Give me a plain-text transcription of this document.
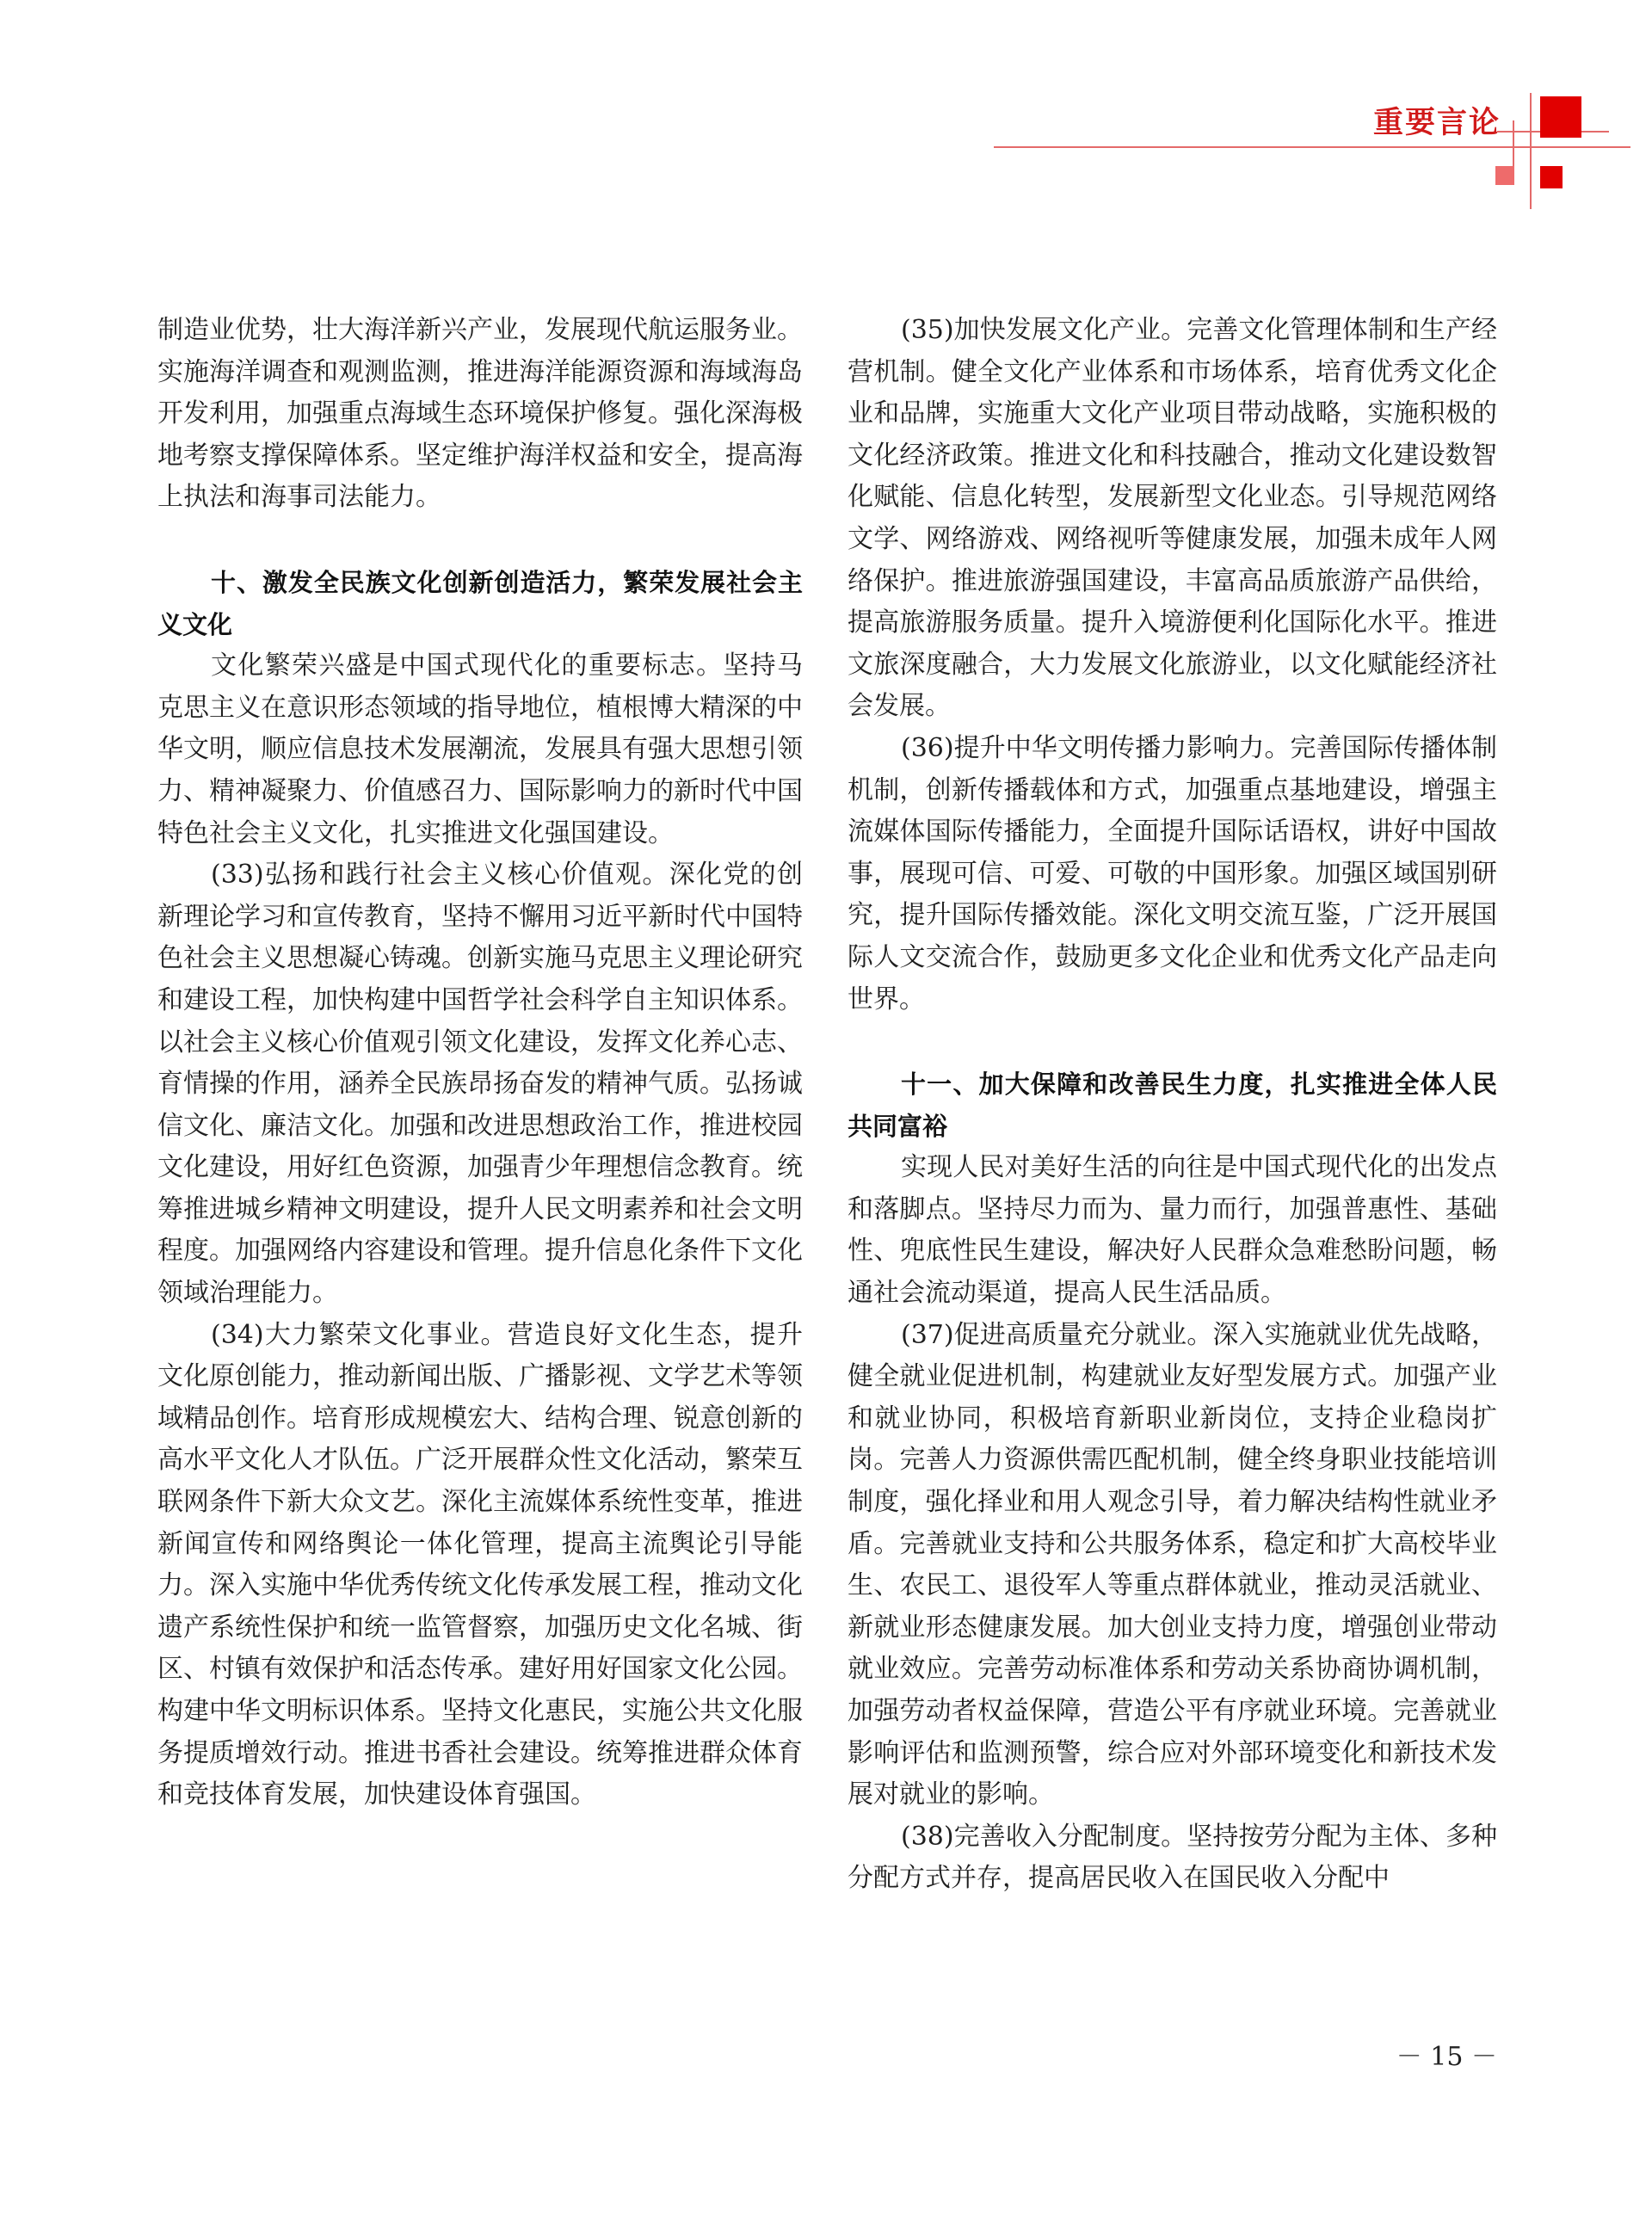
重要言论

制造业优势，壮大海洋新兴产业，发展现代航运服务业。实施海洋调查和观测监测，推进海洋能源资源和海域海岛开发利用，加强重点海域生态环境保护修复。强化深海极地考察支撑保障体系。坚定维护海洋权益和安全，提高海上执法和海事司法能力。

十、激发全民族文化创新创造活力，繁荣发展社会主义文化

文化繁荣兴盛是中国式现代化的重要标志。坚持马克思主义在意识形态领域的指导地位，植根博大精深的中华文明，顺应信息技术发展潮流，发展具有强大思想引领力、精神凝聚力、价值感召力、国际影响力的新时代中国特色社会主义文化，扎实推进文化强国建设。

(33)弘扬和践行社会主义核心价值观。深化党的创新理论学习和宣传教育，坚持不懈用习近平新时代中国特色社会主义思想凝心铸魂。创新实施马克思主义理论研究和建设工程，加快构建中国哲学社会科学自主知识体系。以社会主义核心价值观引领文化建设，发挥文化养心志、育情操的作用，涵养全民族昂扬奋发的精神气质。弘扬诚信文化、廉洁文化。加强和改进思想政治工作，推进校园文化建设，用好红色资源，加强青少年理想信念教育。统筹推进城乡精神文明建设，提升人民文明素养和社会文明程度。加强网络内容建设和管理。提升信息化条件下文化领域治理能力。

(34)大力繁荣文化事业。营造良好文化生态，提升文化原创能力，推动新闻出版、广播影视、文学艺术等领域精品创作。培育形成规模宏大、结构合理、锐意创新的高水平文化人才队伍。广泛开展群众性文化活动，繁荣互联网条件下新大众文艺。深化主流媒体系统性变革，推进新闻宣传和网络舆论一体化管理，提高主流舆论引导能力。深入实施中华优秀传统文化传承发展工程，推动文化遗产系统性保护和统一监管督察，加强历史文化名城、街区、村镇有效保护和活态传承。建好用好国家文化公园。构建中华文明标识体系。坚持文化惠民，实施公共文化服务提质增效行动。推进书香社会建设。统筹推进群众体育和竞技体育发展，加快建设体育强国。

(35)加快发展文化产业。完善文化管理体制和生产经营机制。健全文化产业体系和市场体系，培育优秀文化企业和品牌，实施重大文化产业项目带动战略，实施积极的文化经济政策。推进文化和科技融合，推动文化建设数智化赋能、信息化转型，发展新型文化业态。引导规范网络文学、网络游戏、网络视听等健康发展，加强未成年人网络保护。推进旅游强国建设，丰富高品质旅游产品供给，提高旅游服务质量。提升入境游便利化国际化水平。推进文旅深度融合，大力发展文化旅游业，以文化赋能经济社会发展。

(36)提升中华文明传播力影响力。完善国际传播体制机制，创新传播载体和方式，加强重点基地建设，增强主流媒体国际传播能力，全面提升国际话语权，讲好中国故事，展现可信、可爱、可敬的中国形象。加强区域国别研究，提升国际传播效能。深化文明交流互鉴，广泛开展国际人文交流合作，鼓励更多文化企业和优秀文化产品走向世界。

十一、加大保障和改善民生力度，扎实推进全体人民共同富裕

实现人民对美好生活的向往是中国式现代化的出发点和落脚点。坚持尽力而为、量力而行，加强普惠性、基础性、兜底性民生建设，解决好人民群众急难愁盼问题，畅通社会流动渠道，提高人民生活品质。

(37)促进高质量充分就业。深入实施就业优先战略，健全就业促进机制，构建就业友好型发展方式。加强产业和就业协同，积极培育新职业新岗位，支持企业稳岗扩岗。完善人力资源供需匹配机制，健全终身职业技能培训制度，强化择业和用人观念引导，着力解决结构性就业矛盾。完善就业支持和公共服务体系，稳定和扩大高校毕业生、农民工、退役军人等重点群体就业，推动灵活就业、新就业形态健康发展。加大创业支持力度，增强创业带动就业效应。完善劳动标准体系和劳动关系协商协调机制，加强劳动者权益保障，营造公平有序就业环境。完善就业影响评估和监测预警，综合应对外部环境变化和新技术发展对就业的影响。

(38)完善收入分配制度。坚持按劳分配为主体、多种分配方式并存，提高居民收入在国民收入分配中

－ 15 －
